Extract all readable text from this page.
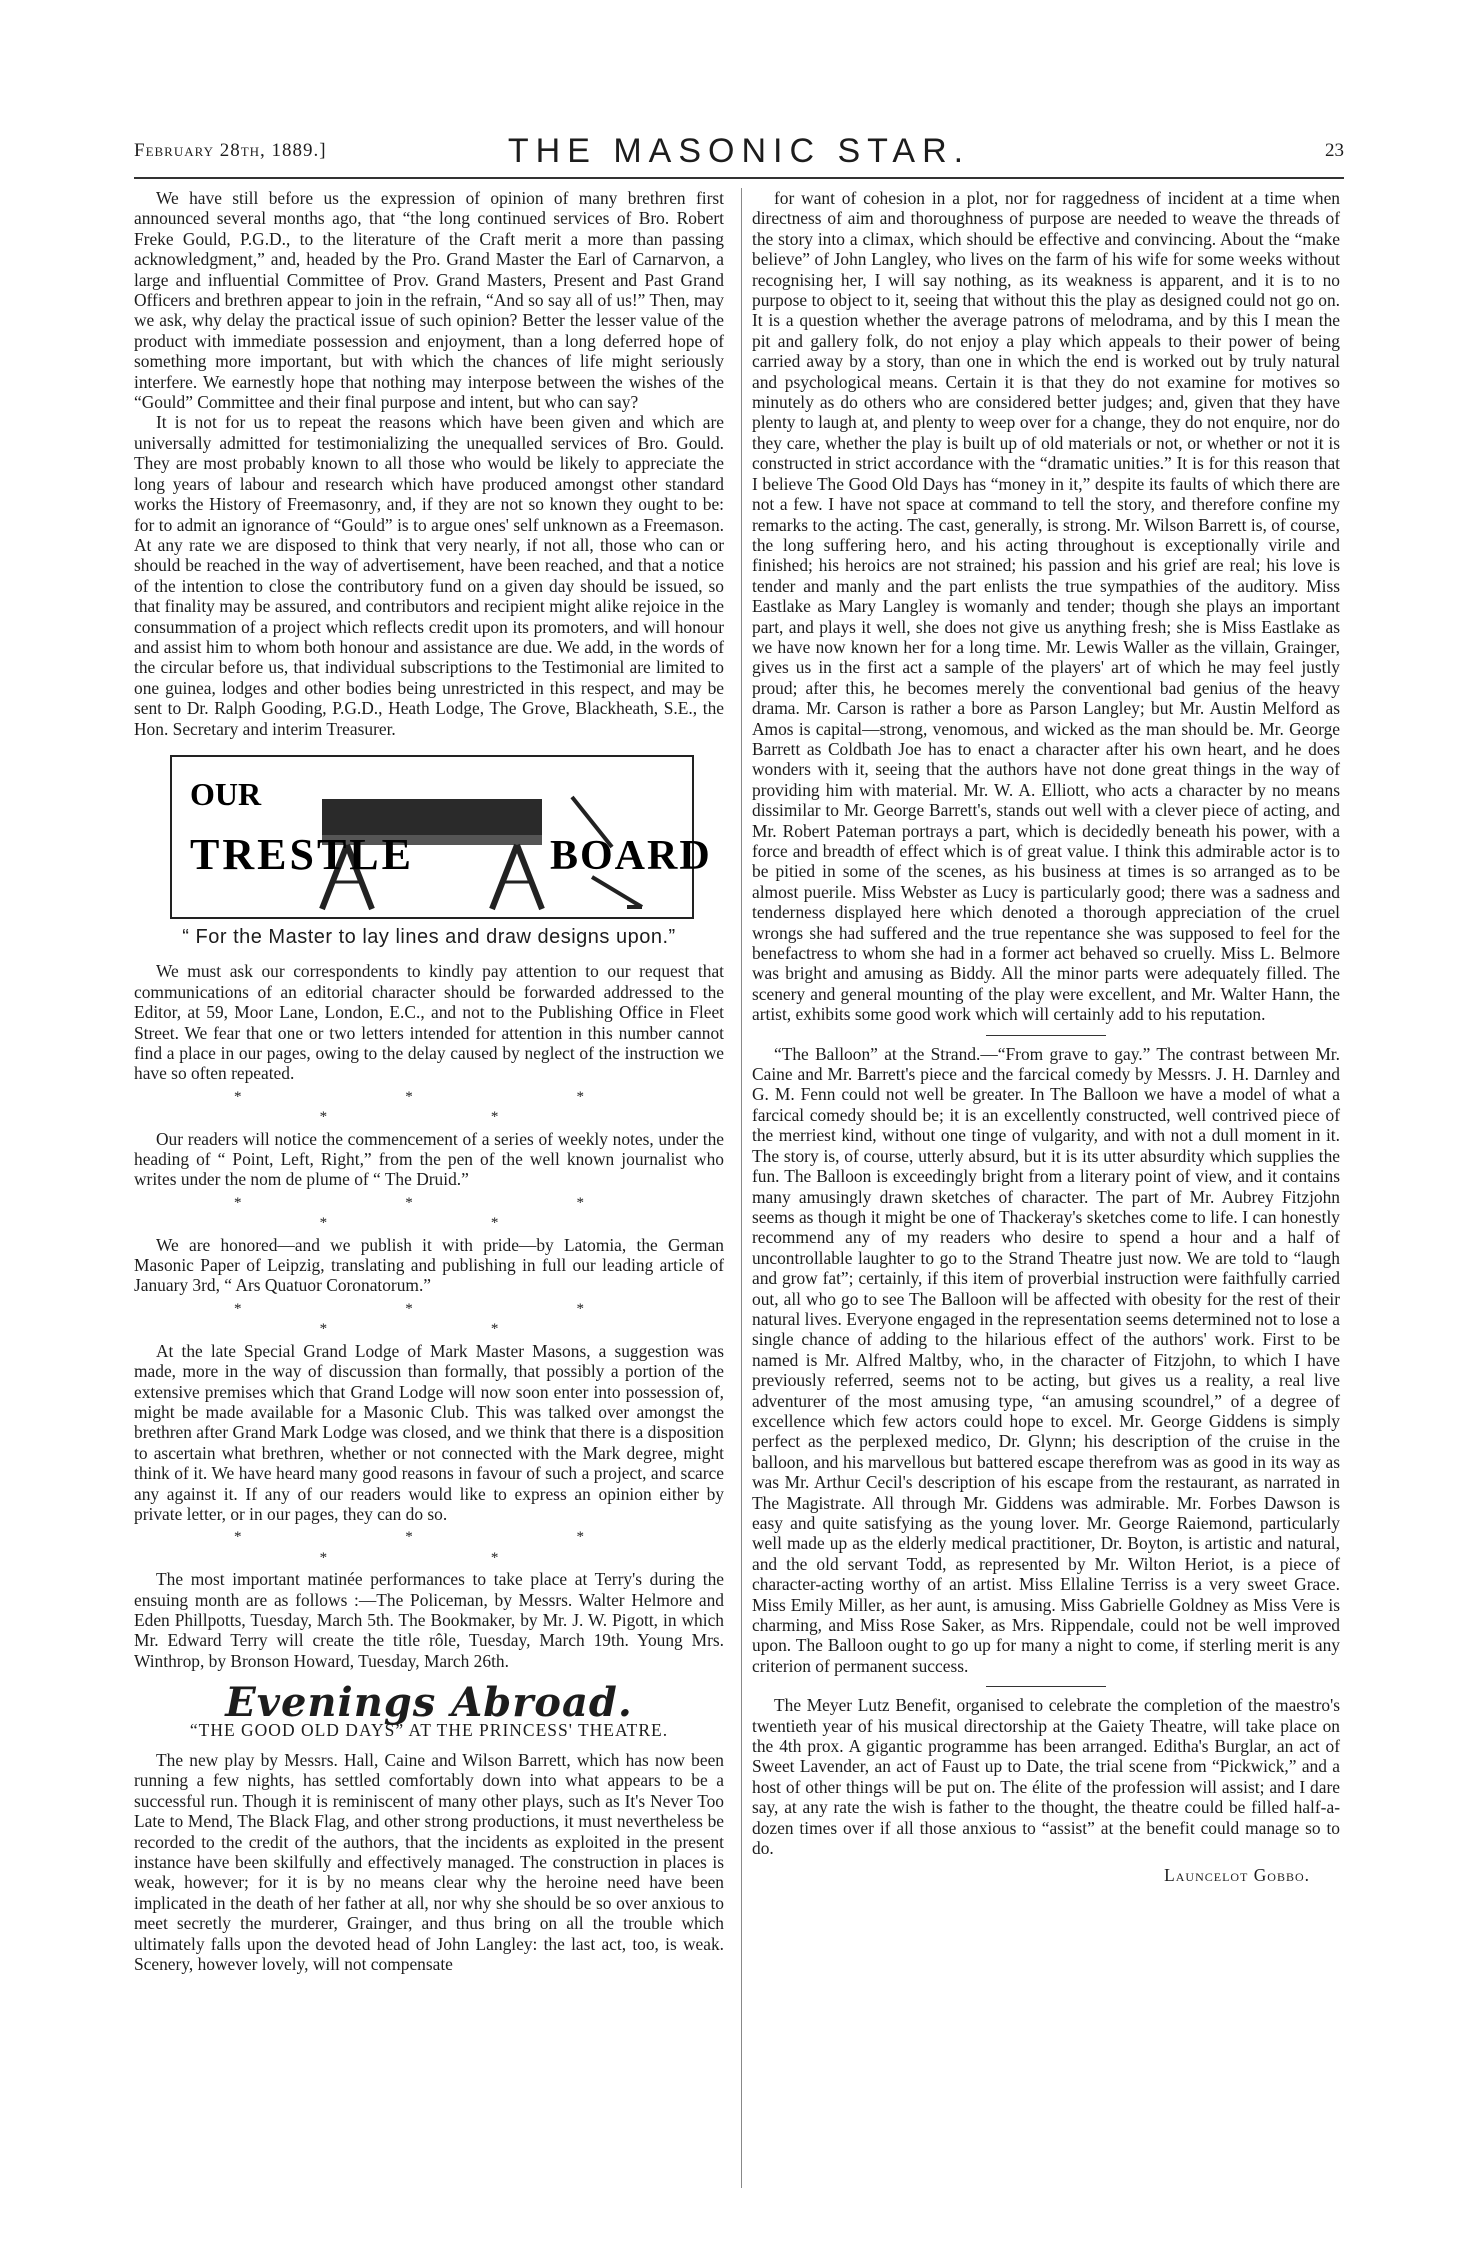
February 28th, 1889.]	THE MASONIC STAR.	23

We have still before us the expression of opinion of many brethren first announced several months ago, that “the long continued services of Bro. Robert Freke Gould, P.G.D., to the literature of the Craft merit a more than passing acknowledgment,” and, headed by the Pro. Grand Master the Earl of Carnarvon, a large and influential Committee of Prov. Grand Masters, Present and Past Grand Officers and brethren appear to join in the refrain, “And so say all of us!” Then, may we ask, why delay the practical issue of such opinion? Better the lesser value of the product with immediate possession and enjoyment, than a long deferred hope of something more important, but with which the chances of life might seriously interfere. We earnestly hope that nothing may interpose between the wishes of the “Gould” Committee and their final purpose and intent, but who can say?

It is not for us to repeat the reasons which have been given and which are universally admitted for testimonializing the unequalled services of Bro. Gould. They are most probably known to all those who would be likely to appreciate the long years of labour and research which have produced amongst other standard works the History of Freemasonry, and, if they are not so known they ought to be: for to admit an ignorance of “Gould” is to argue ones' self unknown as a Freemason. At any rate we are disposed to think that very nearly, if not all, those who can or should be reached in the way of advertisement, have been reached, and that a notice of the intention to close the contributory fund on a given day should be issued, so that finality may be assured, and contributors and recipient might alike rejoice in the consummation of a project which reflects credit upon its promoters, and will honour and assist him to whom both honour and assistance are due. We add, in the words of the circular before us, that individual subscriptions to the Testimonial are limited to one guinea, lodges and other bodies being unrestricted in this respect, and may be sent to Dr. Ralph Gooding, P.G.D., Heath Lodge, The Grove, Blackheath, S.E., the Hon. Secretary and interim Treasurer.

OUR
TRESTLE	BOARD
“ For the Master to lay lines and draw designs upon.”

We must ask our correspondents to kindly pay attention to our request that communications of an editorial character should be forwarded addressed to the Editor, at 59, Moor Lane, London, E.C., and not to the Publishing Office in Fleet Street. We fear that one or two letters intended for attention in this number cannot find a place in our pages, owing to the delay caused by neglect of the instruction we have so often repeated.

* * * * *

Our readers will notice the commencement of a series of weekly notes, under the heading of “ Point, Left, Right,” from the pen of the well known journalist who writes under the nom de plume of “ The Druid.”

* * * * *

We are honored—and we publish it with pride—by Latomia, the German Masonic Paper of Leipzig, translating and publishing in full our leading article of January 3rd, “ Ars Quatuor Coronatorum.”

* * * * *

At the late Special Grand Lodge of Mark Master Masons, a suggestion was made, more in the way of discussion than formally, that possibly a portion of the extensive premises which that Grand Lodge will now soon enter into possession of, might be made available for a Masonic Club. This was talked over amongst the brethren after Grand Mark Lodge was closed, and we think that there is a disposition to ascertain what brethren, whether or not connected with the Mark degree, might think of it. We have heard many good reasons in favour of such a project, and scarce any against it. If any of our readers would like to express an opinion either by private letter, or in our pages, they can do so.

* * * * *

The most important matinée performances to take place at Terry's during the ensuing month are as follows :—The Policeman, by Messrs. Walter Helmore and Eden Phillpotts, Tuesday, March 5th. The Bookmaker, by Mr. J. W. Pigott, in which Mr. Edward Terry will create the title rôle, Tuesday, March 19th. Young Mrs. Winthrop, by Bronson Howard, Tuesday, March 26th.

Evenings Abroad.
“THE GOOD OLD DAYS” AT THE PRINCESS' THEATRE.

The new play by Messrs. Hall, Caine and Wilson Barrett, which has now been running a few nights, has settled comfortably down into what appears to be a successful run. Though it is reminiscent of many other plays, such as It's Never Too Late to Mend, The Black Flag, and other strong productions, it must nevertheless be recorded to the credit of the authors, that the incidents as exploited in the present instance have been skilfully and effectively managed. The construction in places is weak, however; for it is by no means clear why the heroine need have been implicated in the death of her father at all, nor why she should be so over anxious to meet secretly the murderer, Grainger, and thus bring on all the trouble which ultimately falls upon the devoted head of John Langley: the last act, too, is weak. Scenery, however lovely, will not compensate

for want of cohesion in a plot, nor for raggedness of incident at a time when directness of aim and thoroughness of purpose are needed to weave the threads of the story into a climax, which should be effective and convincing. About the “make believe” of John Langley, who lives on the farm of his wife for some weeks without recognising her, I will say nothing, as its weakness is apparent, and it is to no purpose to object to it, seeing that without this the play as designed could not go on. It is a question whether the average patrons of melodrama, and by this I mean the pit and gallery folk, do not enjoy a play which appeals to their power of being carried away by a story, than one in which the end is worked out by truly natural and psychological means. Certain it is that they do not examine for motives so minutely as do others who are considered better judges; and, given that they have plenty to laugh at, and plenty to weep over for a change, they do not enquire, nor do they care, whether the play is built up of old materials or not, or whether or not it is constructed in strict accordance with the “dramatic unities.” It is for this reason that I believe The Good Old Days has “money in it,” despite its faults of which there are not a few. I have not space at command to tell the story, and therefore confine my remarks to the acting. The cast, generally, is strong. Mr. Wilson Barrett is, of course, the long suffering hero, and his acting throughout is exceptionally virile and finished; his heroics are not strained; his passion and his grief are real; his love is tender and manly and the part enlists the true sympathies of the auditory. Miss Eastlake as Mary Langley is womanly and tender; though she plays an important part, and plays it well, she does not give us anything fresh; she is Miss Eastlake as we have now known her for a long time. Mr. Lewis Waller as the villain, Grainger, gives us in the first act a sample of the players' art of which he may feel justly proud; after this, he becomes merely the conventional bad genius of the heavy drama. Mr. Carson is rather a bore as Parson Langley; but Mr. Austin Melford as Amos is capital—strong, venomous, and wicked as the man should be. Mr. George Barrett as Coldbath Joe has to enact a character after his own heart, and he does wonders with it, seeing that the authors have not done great things in the way of providing him with material. Mr. W. A. Elliott, who acts a character by no means dissimilar to Mr. George Barrett's, stands out well with a clever piece of acting, and Mr. Robert Pateman portrays a part, which is decidedly beneath his power, with a force and breadth of effect which is of great value. I think this admirable actor is to be pitied in some of the scenes, as his business at times is so arranged as to be almost puerile. Miss Webster as Lucy is particularly good; there was a sadness and tenderness displayed here which denoted a thorough appreciation of the cruel wrongs she had suffered and the true repentance she was supposed to feel for the benefactress to whom she had in a former act behaved so cruelly. Miss L. Belmore was bright and amusing as Biddy. All the minor parts were adequately filled. The scenery and general mounting of the play were excellent, and Mr. Walter Hann, the artist, exhibits some good work which will certainly add to his reputation.

“The Balloon” at the Strand.—“From grave to gay.” The contrast between Mr. Caine and Mr. Barrett's piece and the farcical comedy by Messrs. J. H. Darnley and G. M. Fenn could not well be greater. In The Balloon we have a model of what a farcical comedy should be; it is an excellently constructed, well contrived piece of the merriest kind, without one tinge of vulgarity, and with not a dull moment in it. The story is, of course, utterly absurd, but it is its utter absurdity which supplies the fun. The Balloon is exceedingly bright from a literary point of view, and it contains many amusingly drawn sketches of character. The part of Mr. Aubrey Fitzjohn seems as though it might be one of Thackeray's sketches come to life. I can honestly recommend any of my readers who desire to spend a hour and a half of uncontrollable laughter to go to the Strand Theatre just now. We are told to “laugh and grow fat”; certainly, if this item of proverbial instruction were faithfully carried out, all who go to see The Balloon will be affected with obesity for the rest of their natural lives. Everyone engaged in the representation seems determined not to lose a single chance of adding to the hilarious effect of the authors' work. First to be named is Mr. Alfred Maltby, who, in the character of Fitzjohn, to which I have previously referred, seems not to be acting, but gives us a reality, a real live adventurer of the most amusing type, “an amusing scoundrel,” of a degree of excellence which few actors could hope to excel. Mr. George Giddens is simply perfect as the perplexed medico, Dr. Glynn; his description of the cruise in the balloon, and his marvellous but battered escape therefrom was as good in its way as was Mr. Arthur Cecil's description of his escape from the restaurant, as narrated in The Magistrate. All through Mr. Giddens was admirable. Mr. Forbes Dawson is easy and quite satisfying as the young lover. Mr. George Raiemond, particularly well made up as the elderly medical practitioner, Dr. Boyton, is artistic and natural, and the old servant Todd, as represented by Mr. Wilton Heriot, is a piece of character-acting worthy of an artist. Miss Ellaline Terriss is a very sweet Grace. Miss Emily Miller, as her aunt, is amusing. Miss Gabrielle Goldney as Miss Vere is charming, and Miss Rose Saker, as Mrs. Rippendale, could not be well improved upon. The Balloon ought to go up for many a night to come, if sterling merit is any criterion of permanent success.

The Meyer Lutz Benefit, organised to celebrate the completion of the maestro's twentieth year of his musical directorship at the Gaiety Theatre, will take place on the 4th prox. A gigantic programme has been arranged. Editha's Burglar, an act of Sweet Lavender, an act of Faust up to Date, the trial scene from “Pickwick,” and a host of other things will be put on. The élite of the profession will assist; and I dare say, at any rate the wish is father to the thought, the theatre could be filled half-a-dozen times over if all those anxious to “assist” at the benefit could manage so to do.

Launcelot Gobbo.
